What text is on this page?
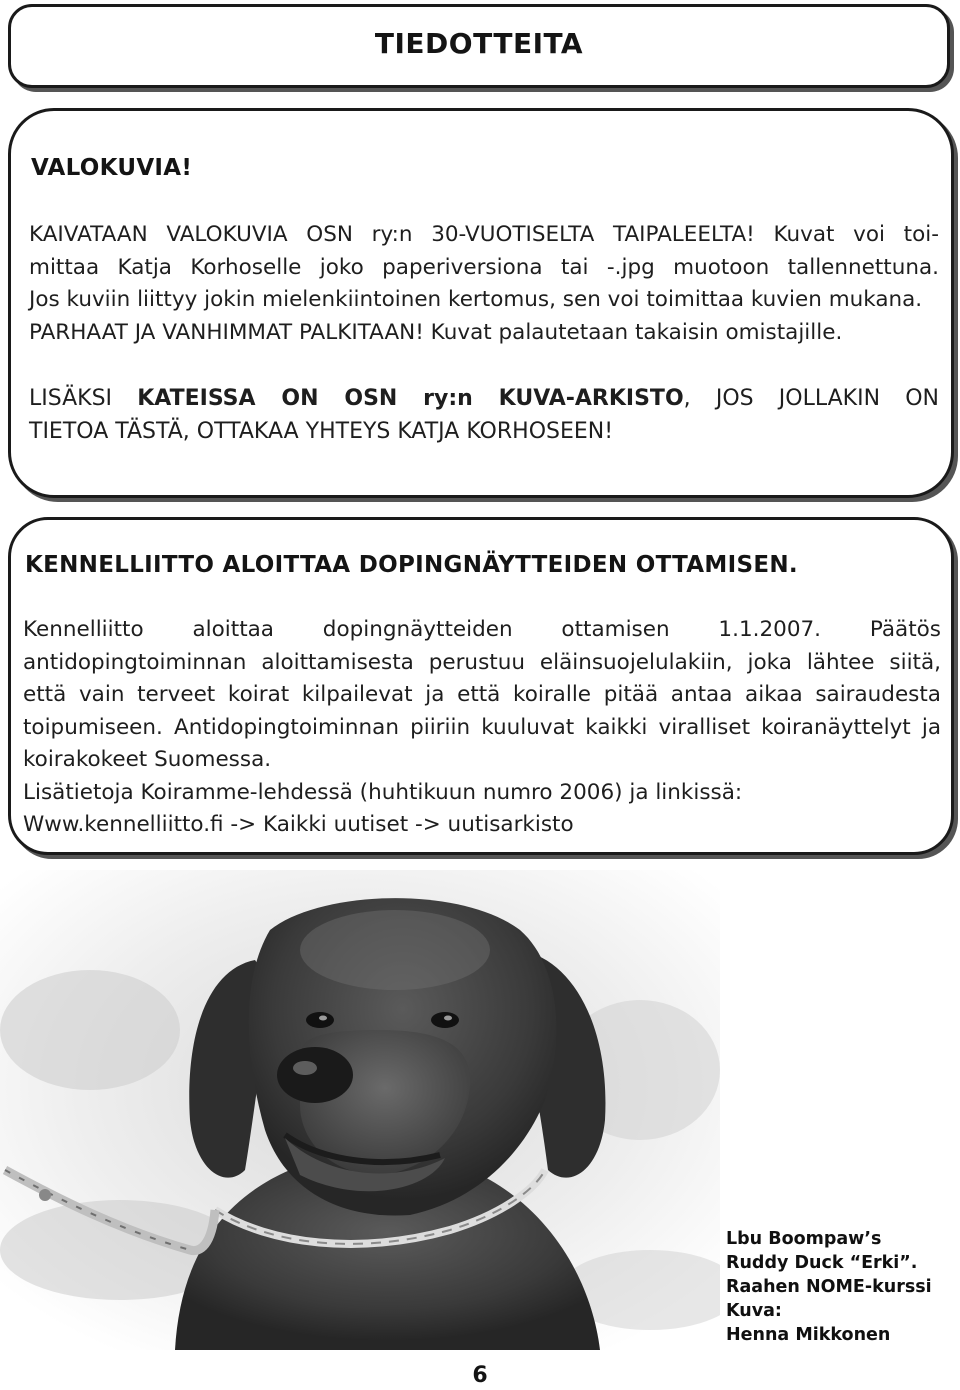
TIEDOTTEITA
VALOKUVIA!
KAIVATAAN VALOKUVIA OSN ry:n 30-VUOTISELTA TAIPALEELTA! Kuvat voi toi-
mittaa Katja Korhoselle joko paperiversiona tai -.jpg muotoon tallennettuna.
Jos kuviin liittyy jokin mielenkiintoinen kertomus, sen voi toimittaa kuvien mukana.
PARHAAT JA VANHIMMAT PALKITAAN! Kuvat palautetaan takaisin omistajille.
LISÄKSI KATEISSA ON OSN ry:n KUVA-ARKISTO, JOS JOLLAKIN ON
TIETOA TÄSTÄ, OTTAKAA YHTEYS KATJA KORHOSEEN!
KENNELLIITTO ALOITTAA DOPINGNÄYTTEIDEN OTTAMISEN.
Kennelliitto aloittaa dopingnäytteiden ottamisen 1.1.2007. Päätös
antidopingtoiminnan aloittamisesta perustuu eläinsuojelulakiin, joka lähtee siitä,
että vain terveet koirat kilpailevat ja että koiralle pitää antaa aikaa sairaudesta
toipumiseen. Antidopingtoiminnan piiriin kuuluvat kaikki viralliset koiranäyttelyt ja
koirakokeet Suomessa.
Lisätietoja Koiramme-lehdessä (huhtikuun numro 2006) ja linkissä:
Www.kennelliitto.fi -> Kaikki uutiset -> uutisarkisto
Lbu Boompaw’s
Ruddy Duck “Erki”.
Raahen NOME-kurssi
Kuva:
Henna Mikkonen
6
